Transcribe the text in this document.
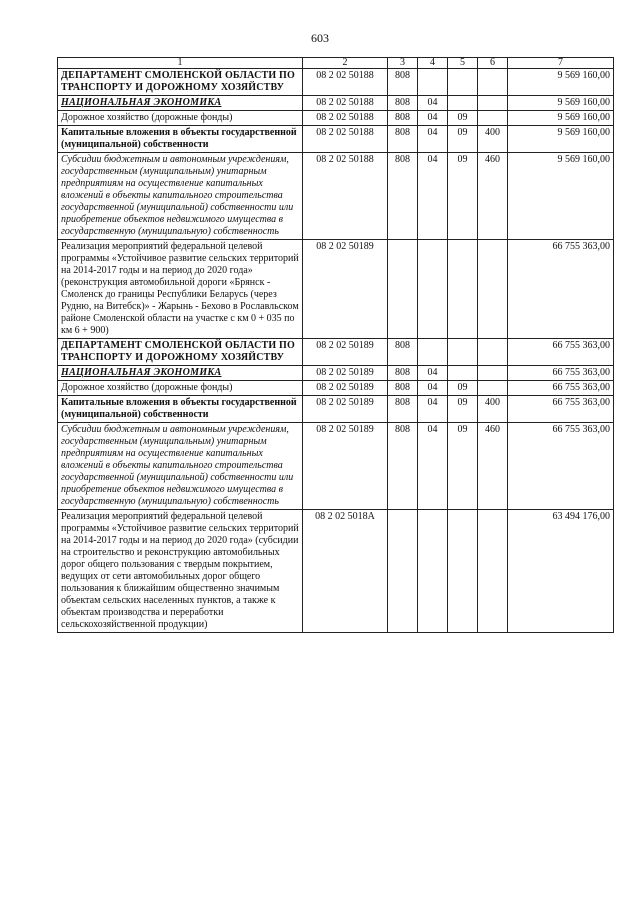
603
1	2	3	4	5	6	7
ДЕПАРТАМЕНТ СМОЛЕНСКОЙ ОБЛАСТИ ПО ТРАНСПОРТУ И ДОРОЖНОМУ ХОЗЯЙСТВУ	08 2 02 50188	808				9 569 160,00
НАЦИОНАЛЬНАЯ ЭКОНОМИКА	08 2 02 50188	808	04			9 569 160,00
Дорожное хозяйство (дорожные фонды)	08 2 02 50188	808	04	09		9 569 160,00
Капитальные вложения в объекты государственной (муниципальной) собственности	08 2 02 50188	808	04	09	400	9 569 160,00
Субсидии бюджетным и автономным учреждениям, государственным (муниципальным) унитарным предприятиям на осуществление капитальных вложений в объекты капитального строительства государственной (муниципальной) собственности или приобретение объектов недвижимого имущества в государственную (муниципальную) собственность	08 2 02 50188	808	04	09	460	9 569 160,00
Реализация мероприятий федеральной целевой программы «Устойчивое развитие сельских территорий на 2014-2017 годы и на период до 2020 года» (реконструкция автомобильной дороги «Брянск - Смоленск до границы Республики Беларусь (через Рудню, на Витебск)» - Жарынь - Бехово в Рославльском районе Смоленской области на участке с км 0 + 035 по км 6 + 900)	08 2 02 50189					66 755 363,00
ДЕПАРТАМЕНТ СМОЛЕНСКОЙ ОБЛАСТИ ПО ТРАНСПОРТУ И ДОРОЖНОМУ ХОЗЯЙСТВУ	08 2 02 50189	808				66 755 363,00
НАЦИОНАЛЬНАЯ ЭКОНОМИКА	08 2 02 50189	808	04			66 755 363,00
Дорожное хозяйство (дорожные фонды)	08 2 02 50189	808	04	09		66 755 363,00
Капитальные вложения в объекты государственной (муниципальной) собственности	08 2 02 50189	808	04	09	400	66 755 363,00
Субсидии бюджетным и автономным учреждениям, государственным (муниципальным) унитарным предприятиям на осуществление капитальных вложений в объекты капитального строительства государственной (муниципальной) собственности или приобретение объектов недвижимого имущества в государственную (муниципальную) собственность	08 2 02 50189	808	04	09	460	66 755 363,00
Реализация мероприятий федеральной целевой программы «Устойчивое развитие сельских территорий на 2014-2017 годы и на период до 2020 года» (субсидии на строительство и реконструкцию автомобильных дорог общего пользования с твердым покрытием, ведущих от сети автомобильных дорог общего пользования к ближайшим общественно значимым объектам сельских населенных пунктов, а также к объектам производства и переработки сельскохозяйственной продукции)	08 2 02 5018А					63 494 176,00
